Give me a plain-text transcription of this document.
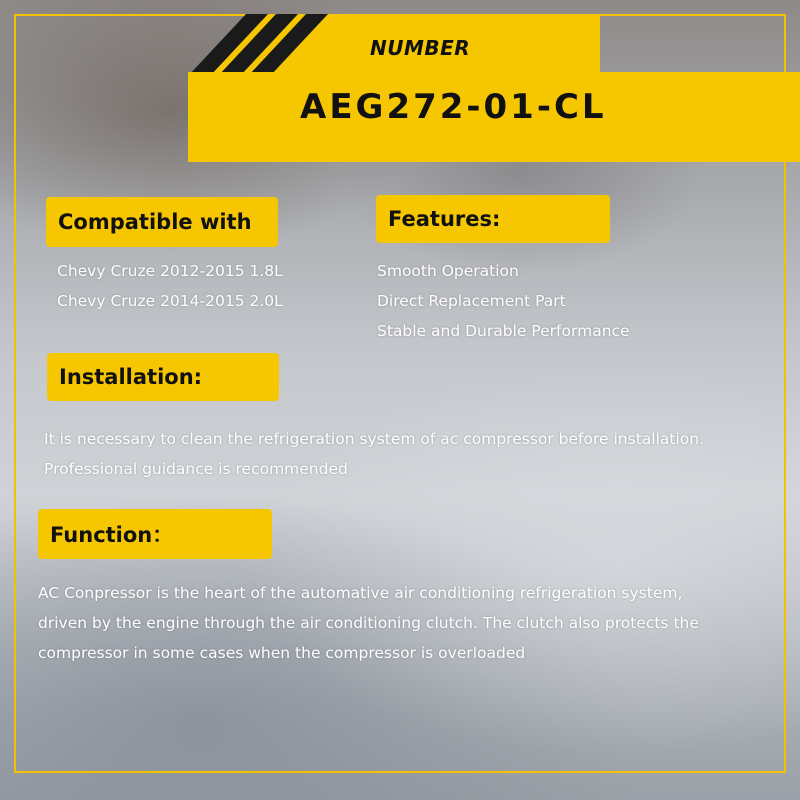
NUMBER
AEG272-01-CL
Compatible with
Chevy Cruze 2012-2015 1.8L
Chevy Cruze 2014-2015 2.0L
Features:
Smooth Operation
Direct Replacement Part
Stable and Durable Performance
Installation:
It is necessary to clean the refrigeration system of ac compressor before installation.
Professional guidance is recommended
Function：
AC Conpressor is the heart of the automative air conditioning refrigeration system,
driven by the engine through the air conditioning clutch. The clutch also protects the
compressor in some cases when the compressor is overloaded
